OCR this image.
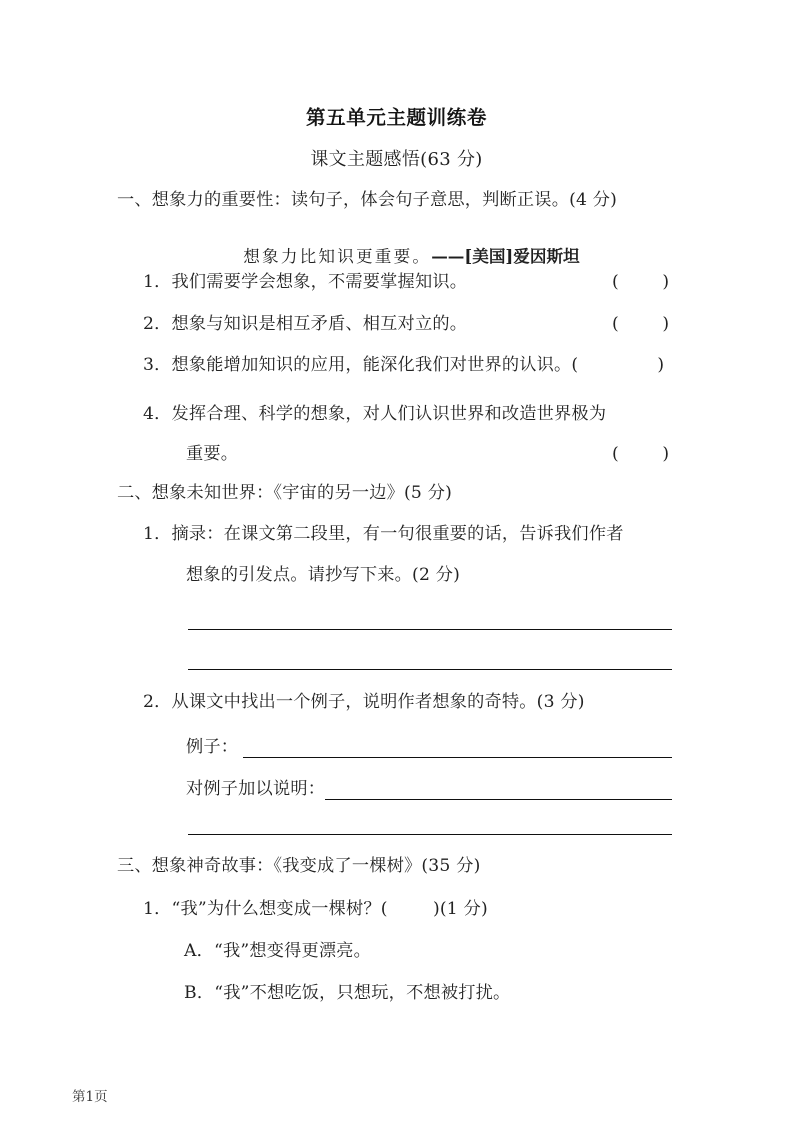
第五单元主题训练卷
课文主题感悟(63 分)
一、想象力的重要性：读句子，体会句子意思，判断正误。(4 分)

想象力比知识更重要。——[美国]爱因斯坦

1．我们需要学会想象，不需要掌握知识。	(        )
2．想象与知识是相互矛盾、相互对立的。	(        )
3．想象能增加知识的应用，能深化我们对世界的认识。(	)
4．发挥合理、科学的想象，对人们认识世界和改造世界极为
重要。	(        )
二、想象未知世界：《宇宙的另一边》(5 分)
1．摘录：在课文第二段里，有一句很重要的话，告诉我们作者
想象的引发点。请抄写下来。(2 分)
2．从课文中找出一个例子，说明作者想象的奇特。(3 分)
例子：
对例子加以说明：
三、想象神奇故事：《我变成了一棵树》(35 分)
1．“我”为什么想变成一棵树？(        )(1 分)
A．“我”想变得更漂亮。
B．“我”不想吃饭，只想玩，不想被打扰。
第1页
